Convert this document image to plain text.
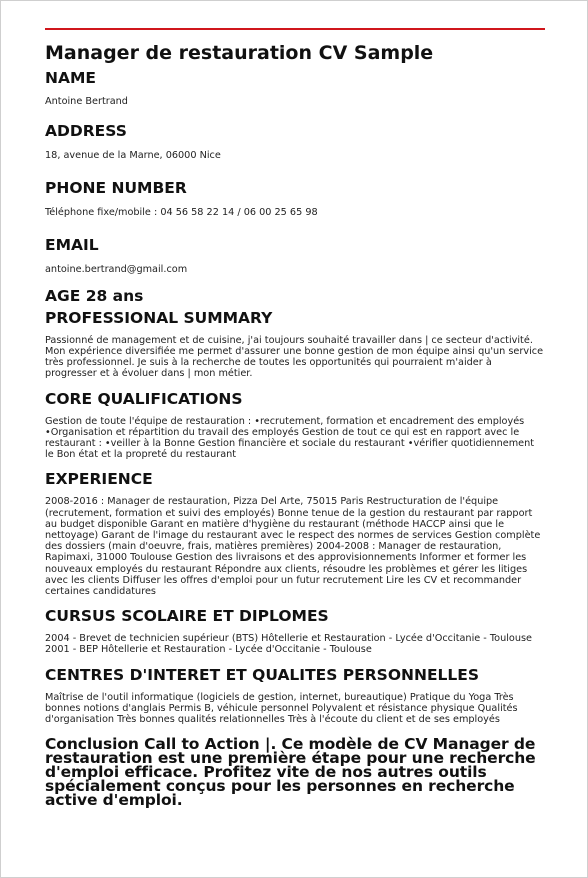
Manager de restauration CV Sample
NAME

Antoine Bertrand

ADDRESS

18, avenue de la Marne, 06000 Nice

PHONE NUMBER

Téléphone fixe/mobile : 04 56 58 22 14 / 06 00 25 65 98

EMAIL

antoine.bertrand@gmail.com

AGE 28 ans
PROFESSIONAL SUMMARY

Passionné de management et de cuisine, j'ai toujours souhaité travailler dans | ce secteur d'activité. Mon expérience diversifiée me permet d'assurer une bonne gestion de mon équipe ainsi qu'un service très professionnel. Je suis à la recherche de toutes les opportunités qui pourraient m'aider à progresser et à évoluer dans | mon métier.

CORE QUALIFICATIONS

Gestion de toute l'équipe de restauration : •recrutement, formation et encadrement des employés •Organisation et répartition du travail des employés Gestion de tout ce qui est en rapport avec le restaurant : •veiller à la Bonne Gestion financière et sociale du restaurant •vérifier quotidiennement le Bon état et la propreté du restaurant

EXPERIENCE

2008-2016 : Manager de restauration, Pizza Del Arte, 75015 Paris Restructuration de l'équipe (recrutement, formation et suivi des employés) Bonne tenue de la gestion du restaurant par rapport au budget disponible Garant en matière d'hygiène du restaurant (méthode HACCP ainsi que le nettoyage) Garant de l'image du restaurant avec le respect des normes de services Gestion complète des dossiers (main d'oeuvre, frais, matières premières) 2004-2008 : Manager de restauration, Rapimaxi, 31000 Toulouse Gestion des livraisons et des approvisionnements Informer et former les nouveaux employés du restaurant Répondre aux clients, résoudre les problèmes et gérer les litiges avec les clients Diffuser les offres d'emploi pour un futur recrutement Lire les CV et recommander certaines candidatures

CURSUS SCOLAIRE ET DIPLOMES

2004 - Brevet de technicien supérieur (BTS) Hôtellerie et Restauration - Lycée d'Occitanie - Toulouse 2001 - BEP Hôtellerie et Restauration - Lycée d'Occitanie - Toulouse

CENTRES D'INTERET ET QUALITES PERSONNELLES

Maîtrise de l'outil informatique (logiciels de gestion, internet, bureautique) Pratique du Yoga Très bonnes notions d'anglais Permis B, véhicule personnel Polyvalent et résistance physique Qualités d'organisation Très bonnes qualités relationnelles Très à l'écoute du client et de ses employés

Conclusion Call to Action |. Ce modèle de CV Manager de restauration est une première étape pour une recherche d'emploi efficace. Profitez vite de nos autres outils spécialement conçus pour les personnes en recherche active d'emploi.
